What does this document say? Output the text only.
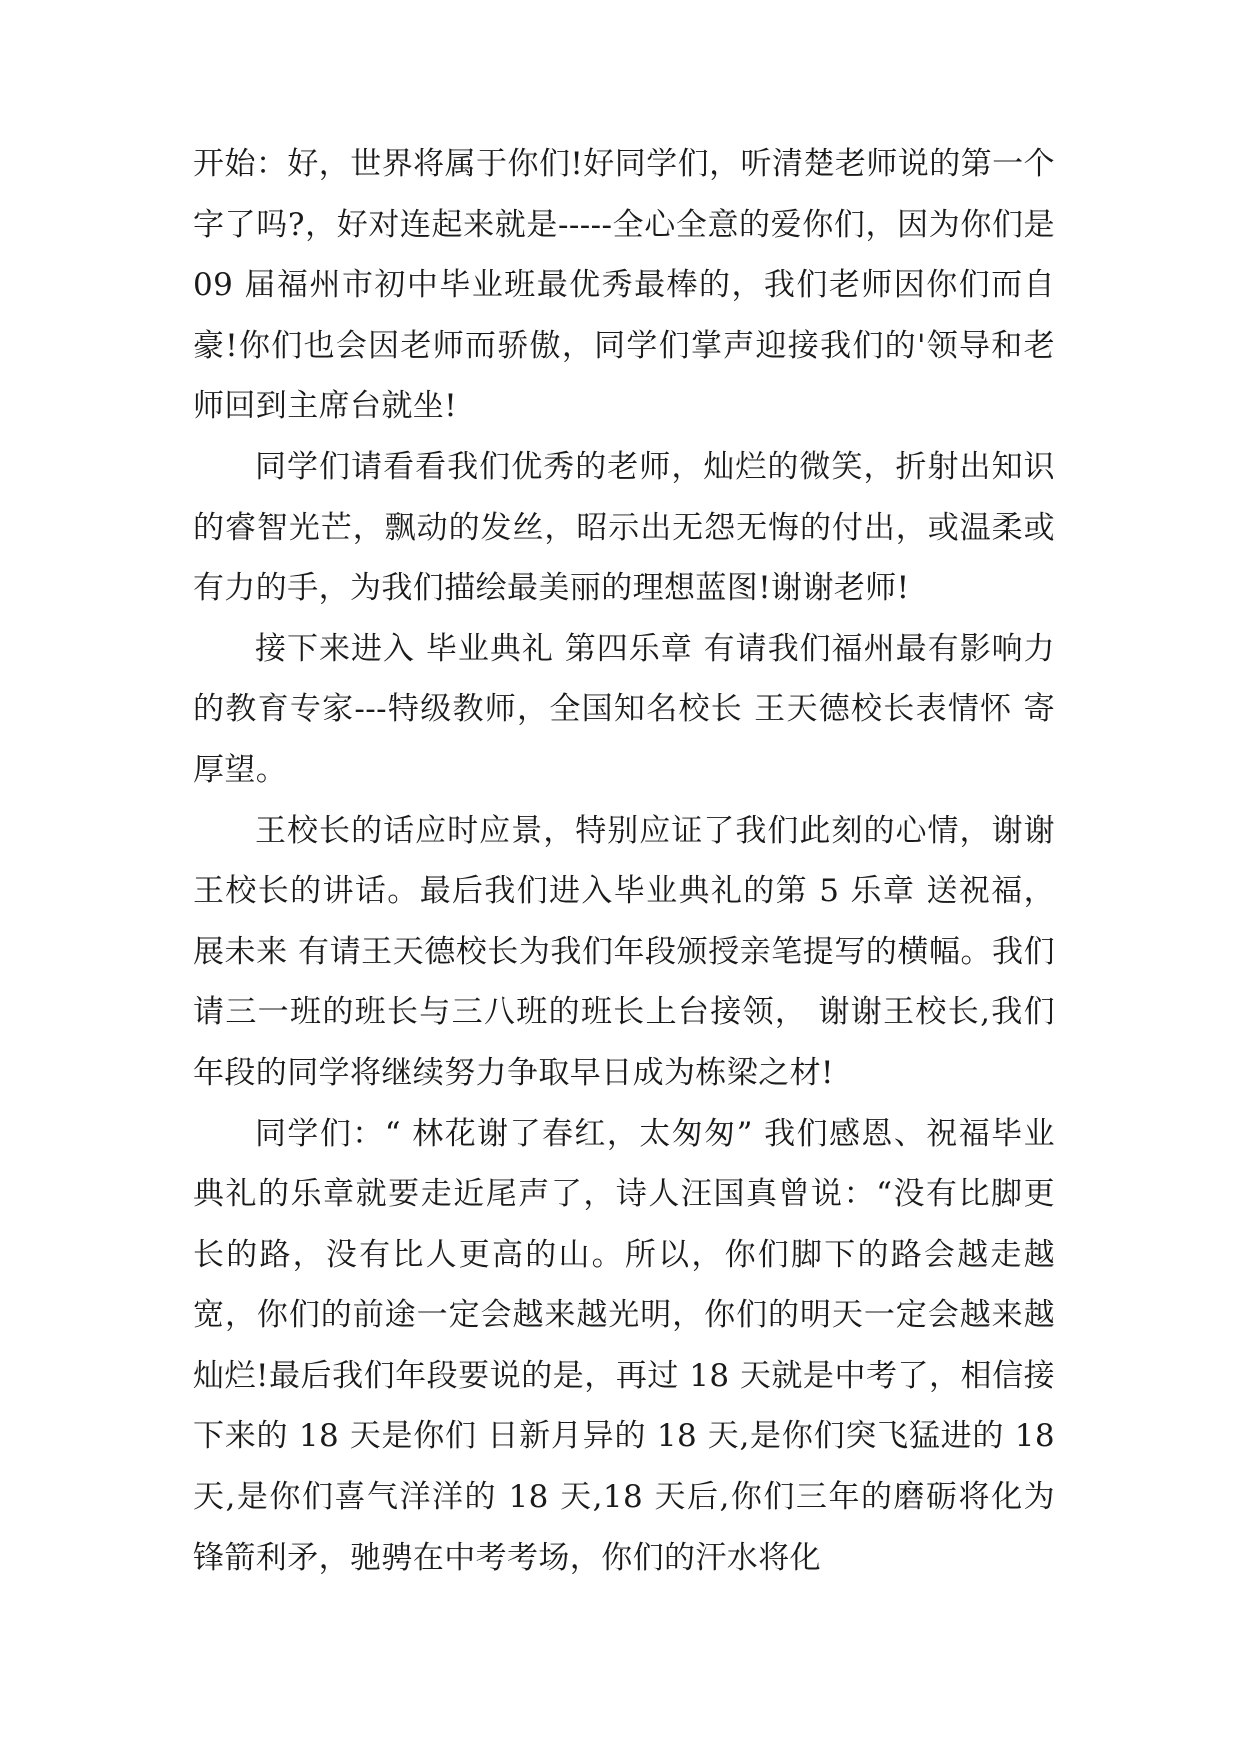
开始：好，世界将属于你们!好同学们，听清楚老师说的第一个字了吗?，好对连起来就是-----全心全意的爱你们，因为你们是 09 届福州市初中毕业班最优秀最棒的，我们老师因你们而自豪!你们也会因老师而骄傲，同学们掌声迎接我们的'领导和老师回到主席台就坐!

同学们请看看我们优秀的老师，灿烂的微笑，折射出知识的睿智光芒，飘动的发丝，昭示出无怨无悔的付出，或温柔或有力的手，为我们描绘最美丽的理想蓝图!谢谢老师!

接下来进入 毕业典礼 第四乐章 有请我们福州最有影响力的教育专家---特级教师，全国知名校长 王天德校长表情怀 寄厚望。

王校长的话应时应景，特别应证了我们此刻的心情，谢谢王校长的讲话。最后我们进入毕业典礼的第 5 乐章 送祝福，展未来 有请王天德校长为我们年段颁授亲笔提写的横幅。我们请三一班的班长与三八班的班长上台接领， 谢谢王校长,我们年段的同学将继续努力争取早日成为栋梁之材!

同学们：“ 林花谢了春红，太匆匆” 我们感恩、祝福毕业典礼的乐章就要走近尾声了，诗人汪国真曾说：“没有比脚更长的路，没有比人更高的山。所以，你们脚下的路会越走越宽，你们的前途一定会越来越光明，你们的明天一定会越来越灿烂!最后我们年段要说的是，再过 18 天就是中考了，相信接下来的 18 天是你们 日新月异的 18 天,是你们突飞猛进的 18 天,是你们喜气洋洋的 18 天,18 天后,你们三年的磨砺将化为锋箭利矛，驰骋在中考考场，你们的汗水将化
